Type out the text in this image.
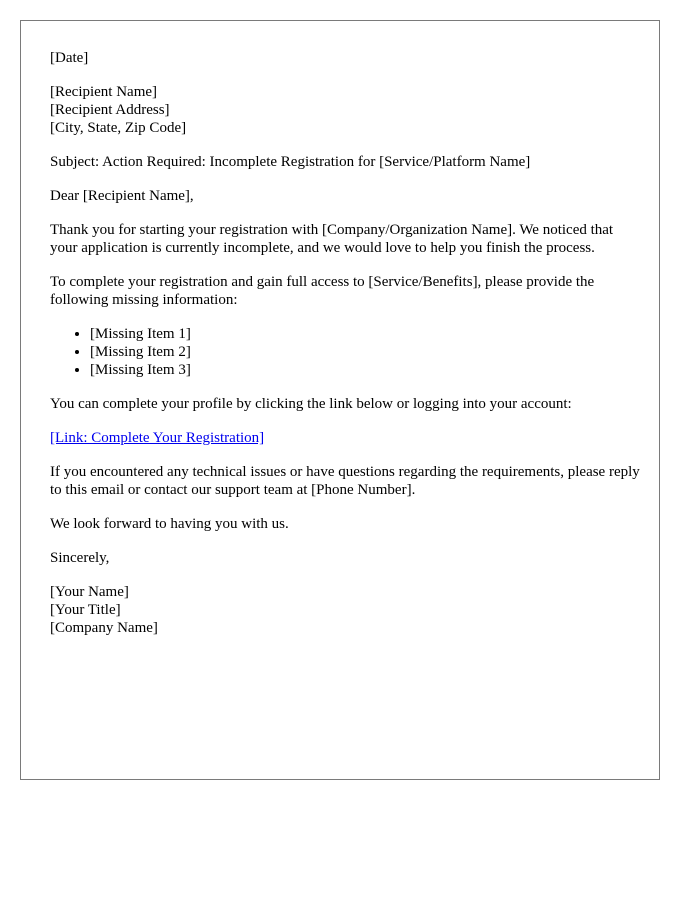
[Date]

[Recipient Name]
[Recipient Address]
[City, State, Zip Code]

Subject: Action Required: Incomplete Registration for [Service/Platform Name]

Dear [Recipient Name],

Thank you for starting your registration with [Company/Organization Name]. We noticed that your application is currently incomplete, and we would love to help you finish the process.

To complete your registration and gain full access to [Service/Benefits], please provide the following missing information:

• [Missing Item 1]
• [Missing Item 2]
• [Missing Item 3]

You can complete your profile by clicking the link below or logging into your account:

[Link: Complete Your Registration]

If you encountered any technical issues or have questions regarding the requirements, please reply to this email or contact our support team at [Phone Number].

We look forward to having you with us.

Sincerely,

[Your Name]
[Your Title]
[Company Name]
